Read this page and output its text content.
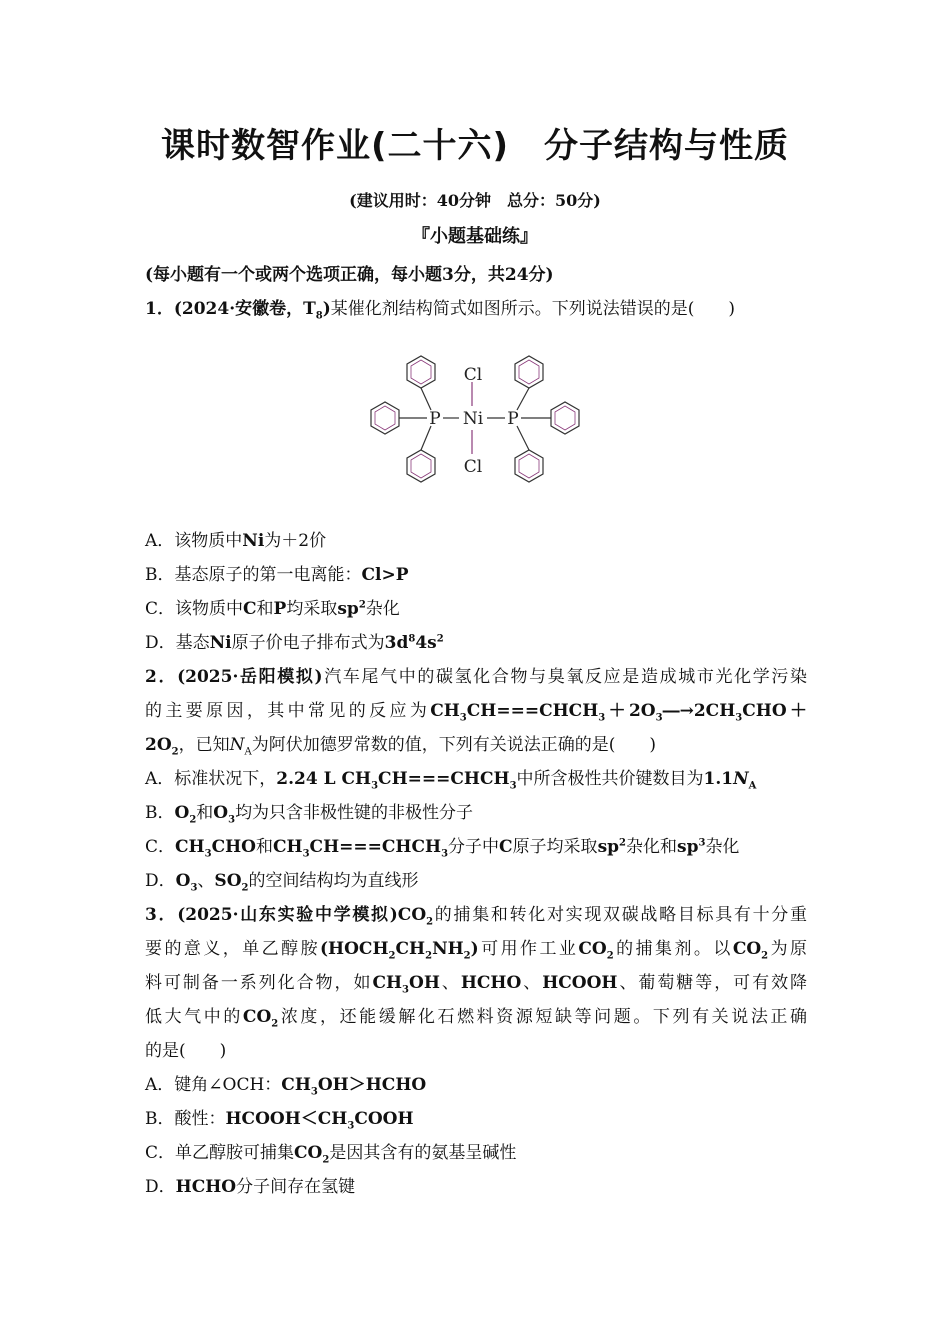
课时数智作业(二十六)　分子结构与性质
(建议用时：40分钟　总分：50分)
『小题基础练』
(每小题有一个或两个选项正确，每小题3分，共24分)
1．(2024·安徽卷，$T_8$)某催化剂结构简式如图所示。下列说法错误的是(　　)
Cl
Ni
Cl
P	P
A．该物质中Ni为＋2价
B．基态原子的第一电离能：Cl>P
C．该物质中C和P均采取$sp^2$杂化
D．基态Ni原子价电子排布式为$3d^84s^2$
2．(2025·岳阳模拟)汽车尾气中的碳氢化合物与臭氧反应是造成城市光化学污染
的主要原因，其中常见的反应为$CH_3CH===CHCH_3+2O_3―\to 2CH_3CHO+$
$2O_2$，已知$N_A$为阿伏加德罗常数的值，下列有关说法正确的是(　　)
A．标准状况下，2.24 L $CH_3CH===CHCH_3$中所含极性共价键数目为$1.1N_A$
B．$O_2$和$O_3$均为只含非极性键的非极性分子
C．$CH_3CHO$和$CH_3CH===CHCH_3$分子中C原子均采取$sp^2$杂化和$sp^3$杂化
D．$O_3$、$SO_2$的空间结构均为直线形
3．(2025·山东实验中学模拟)$CO_2$的捕集和转化对实现双碳战略目标具有十分重
要的意义，单乙醇胺$(HOCH_2CH_2NH_2)$可用作工业$CO_2$的捕集剂。以$CO_2$为原
料可制备一系列化合物，如$CH_3OH$、HCHO、HCOOH、葡萄糖等，可有效降
低大气中的$CO_2$浓度，还能缓解化石燃料资源短缺等问题。下列有关说法正确
的是(　　)
A．键角∠OCH：$CH_3OH>HCHO$
B．酸性：$HCOOH<CH_3COOH$
C．单乙醇胺可捕集$CO_2$是因其含有的氨基呈碱性
D．HCHO分子间存在氢键
